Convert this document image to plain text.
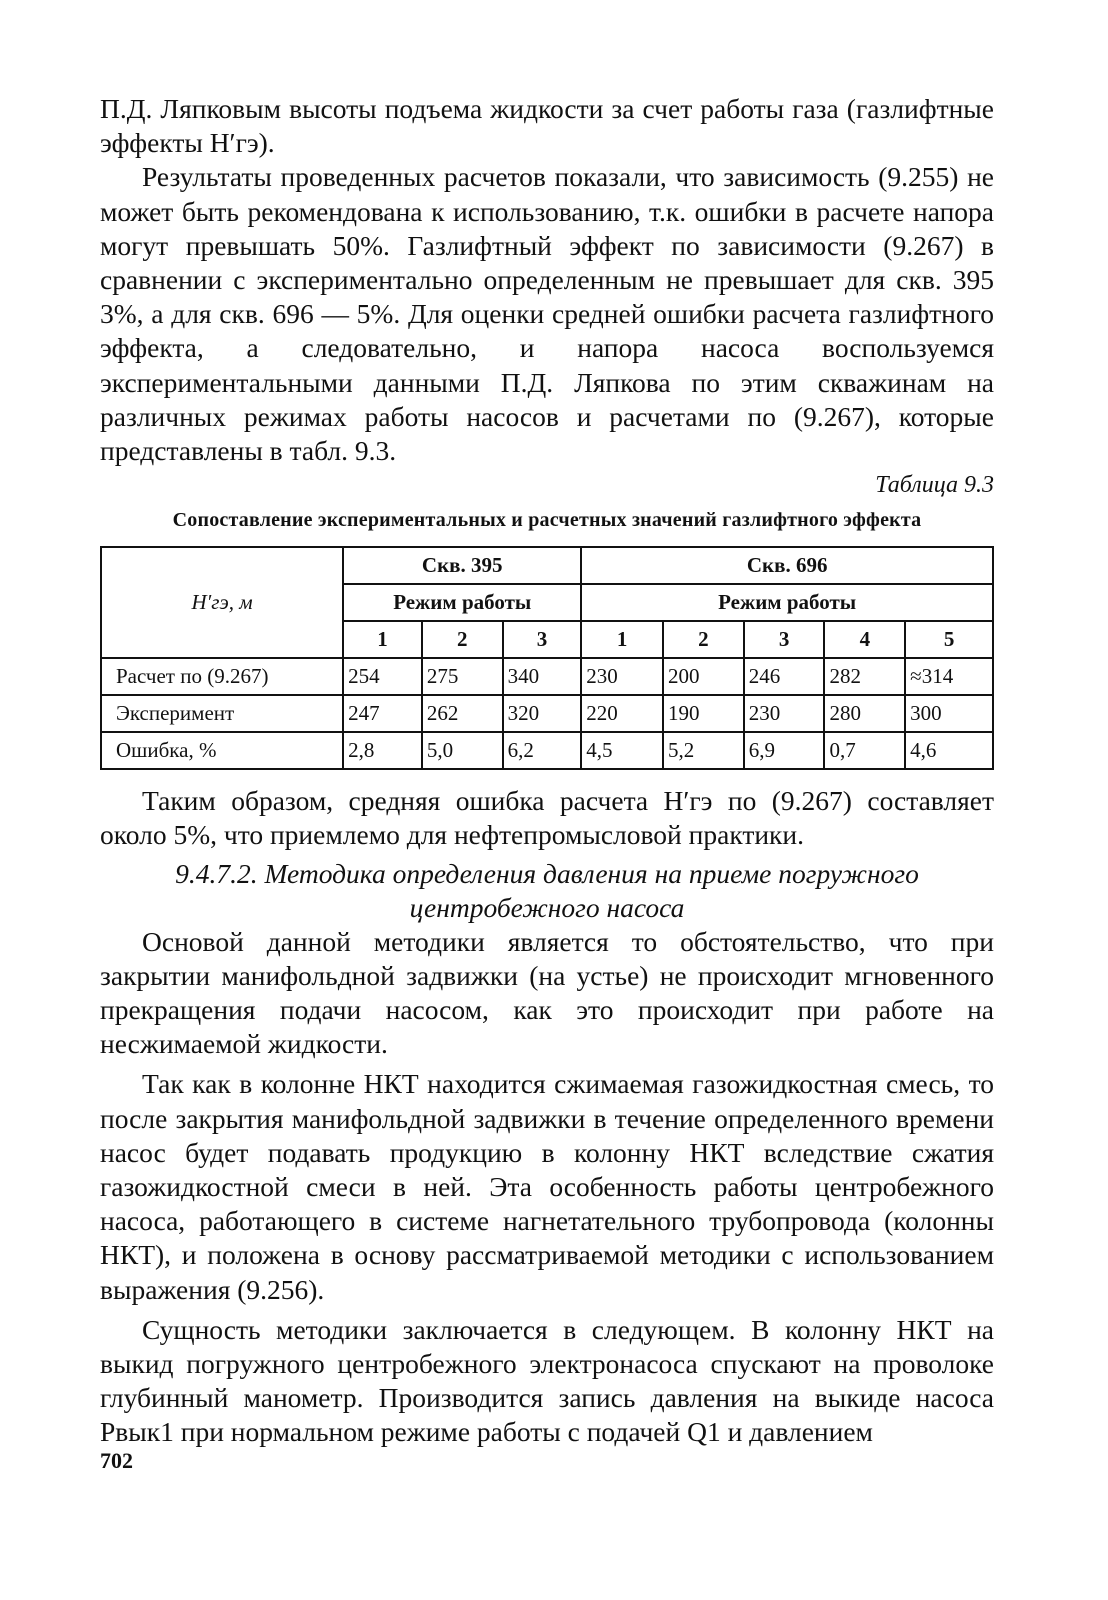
П.Д. Ляпковым высоты подъема жидкости за счет работы газа (газлифтные эффекты H′гэ).

Результаты проведенных расчетов показали, что зависимость (9.255) не может быть рекомендована к использованию, т.к. ошибки в расчете напора могут превышать 50%. Газлифтный эффект по зависимости (9.267) в сравнении с экспериментально определенным не превышает для скв. 395 3%, а для скв. 696 — 5%. Для оценки средней ошибки расчета газлифтного эффекта, а следовательно, и напора насоса воспользуемся экспериментальными данными П.Д. Ляпкова по этим скважинам на различных режимах работы насосов и расчетами по (9.267), которые представлены в табл. 9.3.

Таблица 9.3
Сопоставление экспериментальных и расчетных значений газлифтного эффекта
H′гэ, м	Скв. 395			Скв. 696				
	Режим работы			Режим работы				
	1	2	3	1	2	3	4	5
Расчет по (9.267)	254	275	340	230	200	246	282	≈314
Эксперимент	247	262	320	220	190	230	280	300
Ошибка, %	2,8	5,0	6,2	4,5	5,2	6,9	0,7	4,6

Таким образом, средняя ошибка расчета H′гэ по (9.267) составляет около 5%, что приемлемо для нефтепромысловой практики.

9.4.7.2. Методика определения давления на приеме погружного центробежного насоса

Основой данной методики является то обстоятельство, что при закрытии манифольдной задвижки (на устье) не происходит мгновенного прекращения подачи насосом, как это происходит при работе на несжимаемой жидкости.

Так как в колонне НКТ находится сжимаемая газожидкостная смесь, то после закрытия манифольдной задвижки в течение определенного времени насос будет подавать продукцию в колонну НКТ вследствие сжатия газожидкостной смеси в ней. Эта особенность работы центробежного насоса, работающего в системе нагнетательного трубопровода (колонны НКТ), и положена в основу рассматриваемой методики с использованием выражения (9.256).

Сущность методики заключается в следующем. В колонну НКТ на выкид погружного центробежного электронасоса спускают на проволоке глубинный манометр. Производится запись давления на выкиде насоса Pвык1 при нормальном режиме работы с подачей Q1 и давлением

702
